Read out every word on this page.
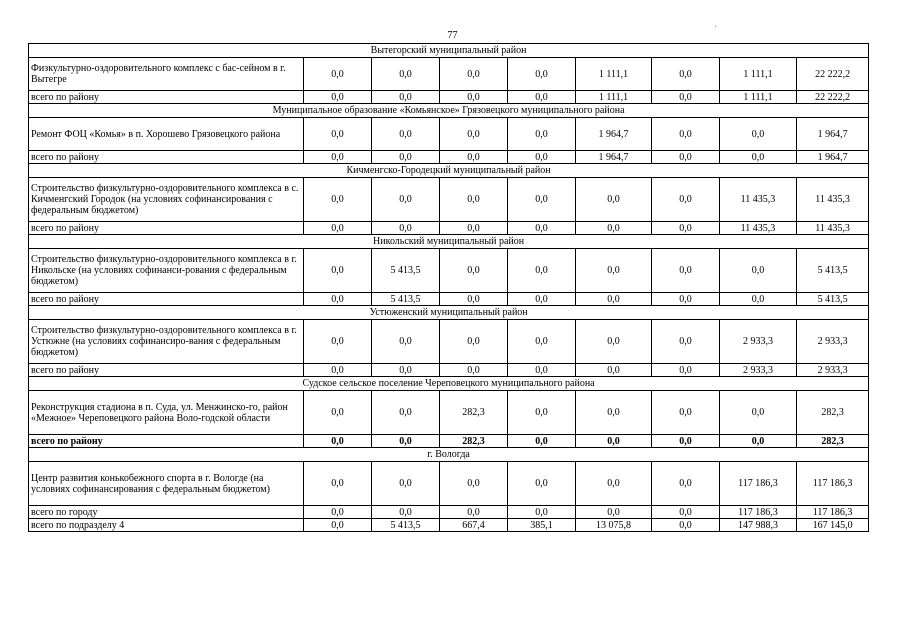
77
'
Вытегорский муниципальный район								
Физкультурно-оздоровительного комплекс с бас-сейном в г. Вытегре	0,0	0,0	0,0	0,0	1 111,1	0,0	1 111,1	22 222,2
всего по району	0,0	0,0	0,0	0,0	1 111,1	0,0	1 111,1	22 222,2
Муниципальное образование «Комьянское» Грязовецкого муниципального района								
Ремонт ФОЦ «Комья» в п. Хорошево Грязовецкого района	0,0	0,0	0,0	0,0	1 964,7	0,0	0,0	1 964,7
всего по району	0,0	0,0	0,0	0,0	1 964,7	0,0	0,0	1 964,7
Кичменгско-Городецкий муниципальный район								
Строительство физкультурно-оздоровительного комплекса в с. Кичменгский Городок (на условиях софинансирования с федеральным бюджетом)	0,0	0,0	0,0	0,0	0,0	0,0	11 435,3	11 435,3
всего по району	0,0	0,0	0,0	0,0	0,0	0,0	11 435,3	11 435,3
Никольский муниципальный район								
Строительство физкультурно-оздоровительного комплекса в г. Никольске (на условиях софинанси-рования с федеральным бюджетом)	0,0	5 413,5	0,0	0,0	0,0	0,0	0,0	5 413,5
всего по району	0,0	5 413,5	0,0	0,0	0,0	0,0	0,0	5 413,5
Устюженский муниципальный район								
Строительство физкультурно-оздоровительного комплекса в г. Устюжне (на условиях софинансиро-вания с федеральным бюджетом)	0,0	0,0	0,0	0,0	0,0	0,0	2 933,3	2 933,3
всего по району	0,0	0,0	0,0	0,0	0,0	0,0	2 933,3	2 933,3
Судское сельское поселение Череповецкого муниципального района								
Реконструкция стадиона в п. Суда, ул. Менжинско-го, район «Межное» Череповецкого района Воло-годской области	0,0	0,0	282,3	0,0	0,0	0,0	0,0	282,3
всего по району	0,0	0,0	282,3	0,0	0,0	0,0	0,0	282,3
г. Вологда								
Центр развития конькобежного спорта в г. Вологде (на условиях софинансирования с федеральным бюджетом)	0,0	0,0	0,0	0,0	0,0	0,0	117 186,3	117 186,3
всего по городу	0,0	0,0	0,0	0,0	0,0	0,0	117 186,3	117 186,3
всего по подразделу 4	0,0	5 413,5	667,4	385,1	13 075,8	0,0	147 988,3	167 145,0
